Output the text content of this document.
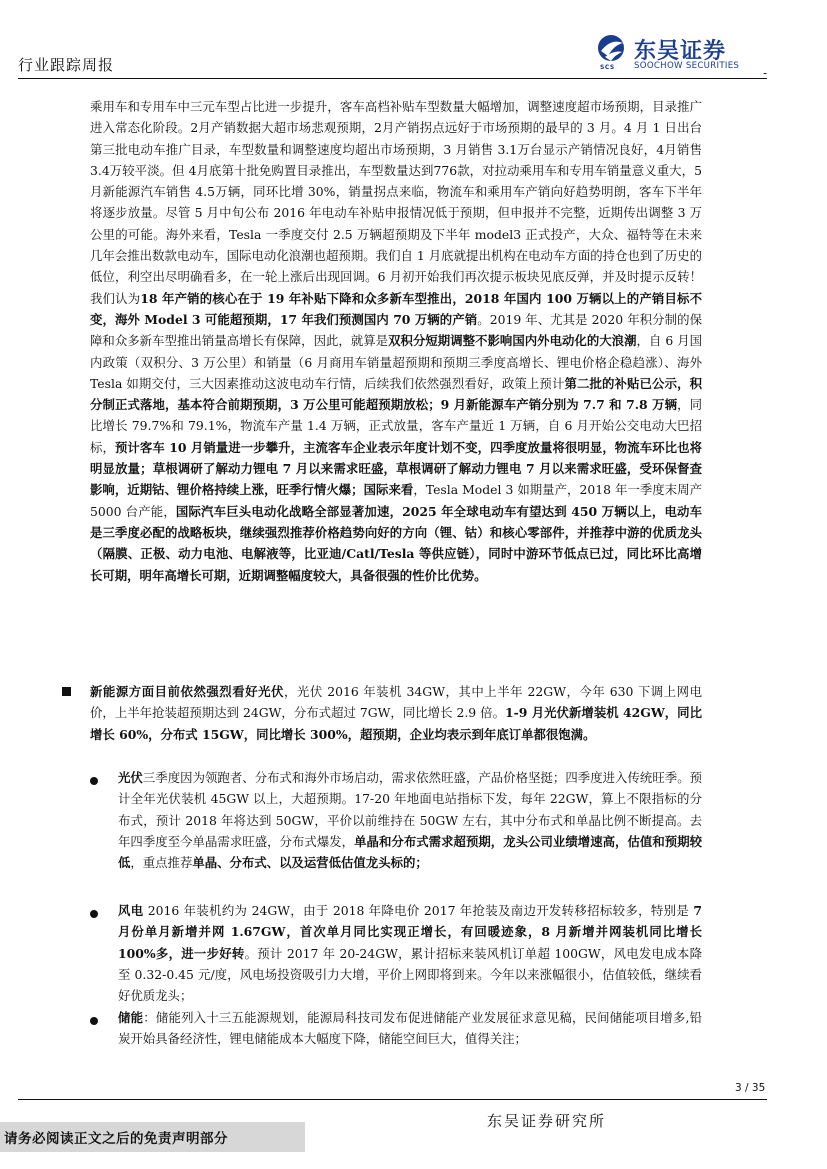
行业跟踪周报	SCS
东吴证券
SOOCHOW SECURITIES -
乘用车和专用车中三元车型占比进一步提升，客车高档补贴车型数量大幅增加，调整速度超市场预期，目录推广进入常态化阶段。2月产销数据大超市场悲观预期，2月产销拐点远好于市场预期的最早的 3 月。4 月 1 日出台第三批电动车推广目录，车型数量和调整速度均超出市场预期，3 月销售 3.1万台显示产销情况良好，4月销售 3.4万较平淡。但 4月底第十批免购置目录推出，车型数量达到776款，对拉动乘用车和专用车销量意义重大，5月新能源汽车销售 4.5万辆，同环比增 30%，销量拐点来临，物流车和乘用车产销向好趋势明朗，客车下半年将逐步放量。尽管 5 月中旬公布 2016 年电动车补贴申报情况低于预期，但申报并不完整，近期传出调整 3 万公里的可能。海外来看，Tesla 一季度交付 2.5 万辆超预期及下半年 model3 正式投产，大众、福特等在未来几年会推出数款电动车，国际电动化浪潮也超预期。我们自 1 月底就提出机构在电动车方面的持仓也到了历史的低位，利空出尽明确看多，在一轮上涨后出现回调。6 月初开始我们再次提示板块见底反弹，并及时提示反转！我们认为18 年产销的核心在于 19 年补贴下降和众多新车型推出，2018 年国内 100 万辆以上的产销目标不变，海外 Model 3 可能超预期，17 年我们预测国内 70 万辆的产销。2019 年、尤其是 2020 年积分制的保障和众多新车型推出销量高增长有保障，因此，就算是双积分短期调整不影响国内外电动化的大浪潮，自 6 月国内政策（双积分、3 万公里）和销量（6 月商用车销量超预期和预期三季度高增长、锂电价格企稳趋涨）、海外 Tesla 如期交付，三大因素推动这波电动车行情，后续我们依然强烈看好，政策上预计第二批的补贴已公示，积分制正式落地，基本符合前期预期，3 万公里可能超预期放松；9 月新能源车产销分别为 7.7 和 7.8 万辆，同比增长 79.7%和 79.1%，物流车产量 1.4 万辆，正式放量，客车产量近 1 万辆，自 6 月开始公交电动大巴招标，预计客车 10 月销量进一步攀升，主流客车企业表示年度计划不变，四季度放量将很明显，物流车环比也将明显放量；草根调研了解动力锂电 7 月以来需求旺盛，草根调研了解动力锂电 7 月以来需求旺盛，受环保督查影响，近期钴、锂价格持续上涨，旺季行情火爆；国际来看，Tesla Model 3 如期量产，2018 年一季度末周产 5000 台产能，国际汽车巨头电动化战略全部显著加速，2025 年全球电动车有望达到 450 万辆以上，电动车是三季度必配的战略板块，继续强烈推荐价格趋势向好的方向（锂、钴）和核心零部件，并推荐中游的优质龙头（隔膜、正极、动力电池、电解液等，比亚迪/Catl/Tesla 等供应链），同时中游环节低点已过，同比环比高增长可期，明年高增长可期，近期调整幅度较大，具备很强的性价比优势。
新能源方面目前依然强烈看好光伏，光伏 2016 年装机 34GW，其中上半年 22GW，今年 630 下调上网电价，上半年抢装超预期达到 24GW，分布式超过 7GW，同比增长 2.9 倍。1-9 月光伏新增装机 42GW，同比增长 60%，分布式 15GW，同比增长 300%，超预期，企业均表示到年底订单都很饱满。
光伏三季度因为领跑者、分布式和海外市场启动，需求依然旺盛，产品价格坚挺；四季度进入传统旺季。预计全年光伏装机 45GW 以上，大超预期。17-20 年地面电站指标下发，每年 22GW，算上不限指标的分布式，预计 2018 年将达到 50GW，平价以前维持在 50GW 左右，其中分布式和单晶比例不断提高。去年四季度至今单晶需求旺盛，分布式爆发，单晶和分布式需求超预期，龙头公司业绩增速高，估值和预期较低，重点推荐单晶、分布式、以及运营低估值龙头标的；
风电 2016 年装机约为 24GW，由于 2018 年降电价 2017 年抢装及南边开发转移招标较多，特别是 7 月份单月新增并网 1.67GW，首次单月同比实现正增长，有回暖迹象，8 月新增并网装机同比增长 100%多，进一步好转。预计 2017 年 20-24GW，累计招标来装风机订单超 100GW，风电发电成本降至 0.32-0.45 元/度，风电场投资吸引力大增，平价上网即将到来。今年以来涨幅很小，估值较低，继续看好优质龙头；
储能：储能列入十三五能源规划，能源局科技司发布促进储能产业发展征求意见稿，民间储能项目增多,铅炭开始具备经济性，锂电储能成本大幅度下降，储能空间巨大，值得关注；
3 / 35
东吴证券研究所
请务必阅读正文之后的免责声明部分
